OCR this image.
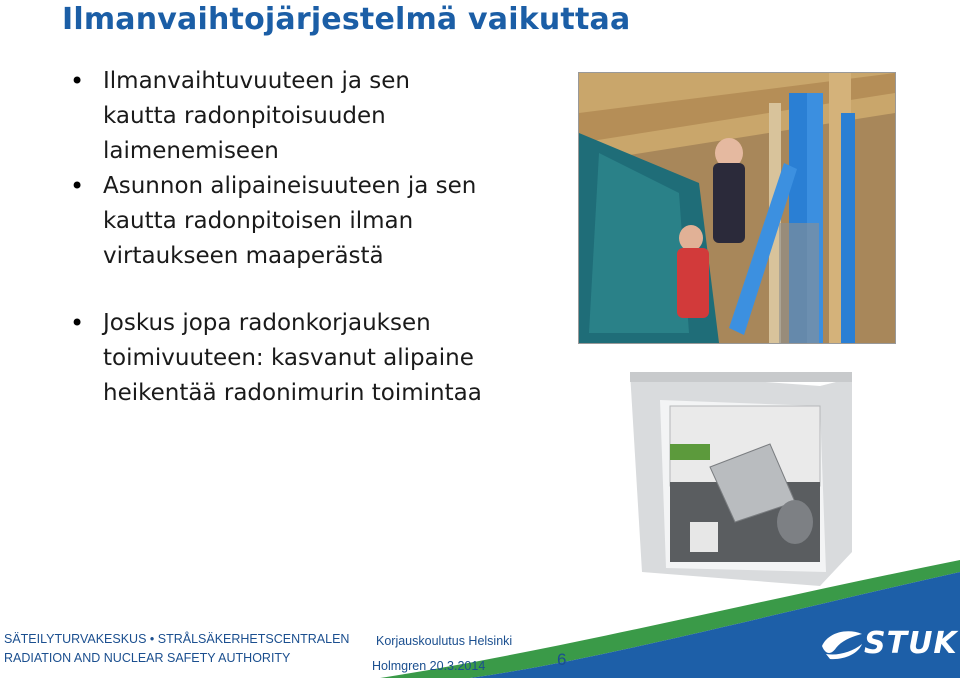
Ilmanvaihtojärjestelmä vaikuttaa
• Ilmanvaihtuvuuteen ja sen kautta radonpitoisuuden laimenemiseen
• Asunnon alipaineisuuteen ja sen kautta radonpitoisen ilman virtaukseen maaperästä
• Joskus jopa radonkorjauksen toimivuuteen: kasvanut alipaine heikentää radonimurin toimintaa
STUK
SÄTEILYTURVAKESKUS • STRÅLSÄKERHETSCENTRALEN
RADIATION AND NUCLEAR SAFETY AUTHORITY
Korjauskoulutus Helsinki
Holmgren 20.3.2014	6
